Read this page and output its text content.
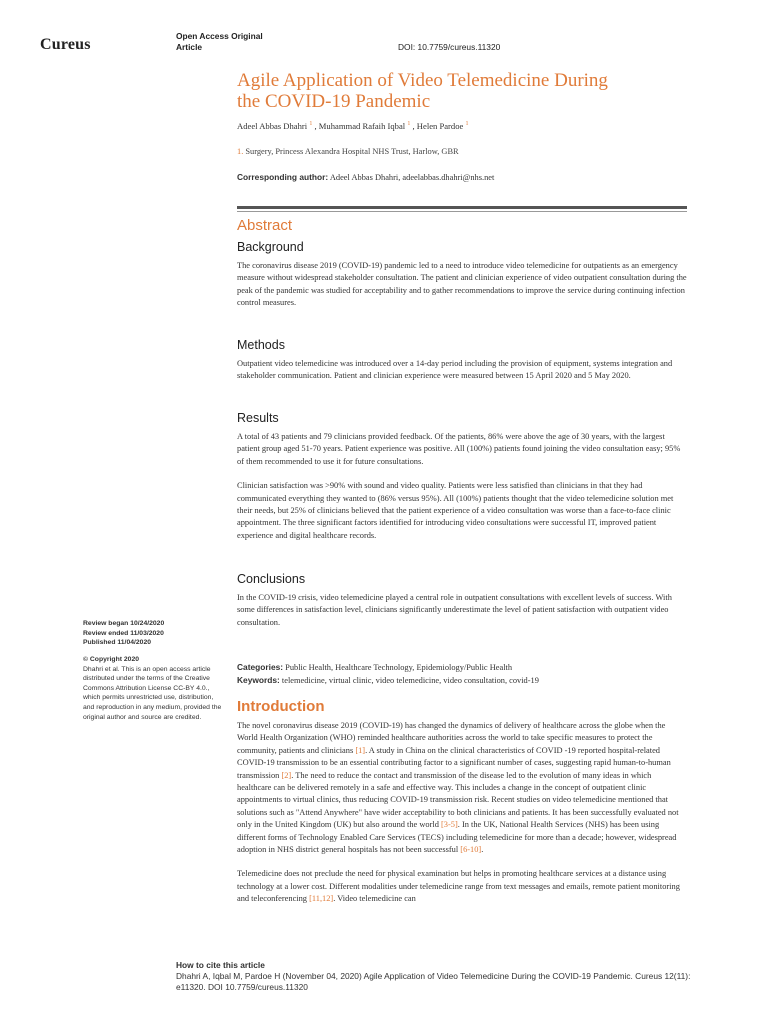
Cureus	Open Access Original
Article	DOI: 10.7759/cureus.11320
Agile Application of Video Telemedicine During
the COVID-19 Pandemic
Adeel Abbas Dhahri $^1$ , Muhammad Rafaih Iqbal $^1$ , Helen Pardoe $^1$
1. Surgery, Princess Alexandra Hospital NHS Trust, Harlow, GBR
Corresponding author: Adeel Abbas Dhahri, adeelabbas.dhahri@nhs.net
Abstract
Background

The coronavirus disease 2019 (COVID-19) pandemic led to a need to introduce video telemedicine for outpatients as an emergency measure without widespread stakeholder consultation. The patient and clinician experience of video outpatient consultation during the peak of the pandemic was studied for acceptability and to gather recommendations to improve the service during continuing infection control measures.

Methods

Outpatient video telemedicine was introduced over a 14-day period including the provision of equipment, systems integration and stakeholder communication. Patient and clinician experience were measured between 15 April 2020 and 5 May 2020.

Results

A total of 43 patients and 79 clinicians provided feedback. Of the patients, 86% were above the age of 30 years, with the largest patient group aged 51-70 years. Patient experience was positive. All (100%) patients found joining the video consultation easy; 95% of them recommended to use it for future consultations.

Clinician satisfaction was >90% with sound and video quality. Patients were less satisfied than clinicians in that they had communicated everything they wanted to (86% versus 95%). All (100%) patients thought that the video telemedicine solution met their needs, but 25% of clinicians believed that the patient experience of a video consultation was worse than a face-to-face clinic appointment. The three significant factors identified for introducing video consultations were successful IT, improved patient experience and digital healthcare records.

Conclusions

In the COVID-19 crisis, video telemedicine played a central role in outpatient consultations with excellent levels of success. With some differences in satisfaction level, clinicians significantly underestimate the level of patient satisfaction with outpatient video consultation.

Review began 10/24/2020
Review ended 11/03/2020
Published 11/04/2020
© Copyright 2020
Dhahri et al. This is an open access article distributed under the terms of the Creative Commons Attribution License CC-BY 4.0., which permits unrestricted use, distribution, and reproduction in any medium, provided the original author and source are credited.
Categories: Public Health, Healthcare Technology, Epidemiology/Public Health
Keywords: telemedicine, virtual clinic, video telemedicine, video consultation, covid-19
Introduction

The novel coronavirus disease 2019 (COVID-19) has changed the dynamics of delivery of healthcare across the globe when the World Health Organization (WHO) reminded healthcare authorities across the world to take specific measures to protect the community, patients and clinicians [1]. A study in China on the clinical characteristics of COVID -19 reported hospital-related COVID-19 transmission to be an essential contributing factor to a significant number of cases, suggesting rapid human-to-human transmission [2]. The need to reduce the contact and transmission of the disease led to the evolution of many ideas in which healthcare can be delivered remotely in a safe and effective way. This includes a change in the concept of outpatient clinic appointments to virtual clinics, thus reducing COVID-19 transmission risk. Recent studies on video telemedicine mentioned that solutions such as "Attend Anywhere" have wider acceptability to both clinicians and patients. It has been successfully evaluated not only in the United Kingdom (UK) but also around the world [3-5]. In the UK, National Health Services (NHS) has been using different forms of Technology Enabled Care Services (TECS) including telemedicine for more than a decade; however, widespread adoption in NHS district general hospitals has not been successful [6-10].

Telemedicine does not preclude the need for physical examination but helps in promoting healthcare services at a distance using technology at a lower cost. Different modalities under telemedicine range from text messages and emails, remote patient monitoring and teleconferencing [11,12]. Video telemedicine can

How to cite this article
Dhahri A, Iqbal M, Pardoe H (November 04, 2020) Agile Application of Video Telemedicine During the COVID-19 Pandemic. Cureus 12(11): e11320. DOI 10.7759/cureus.11320
